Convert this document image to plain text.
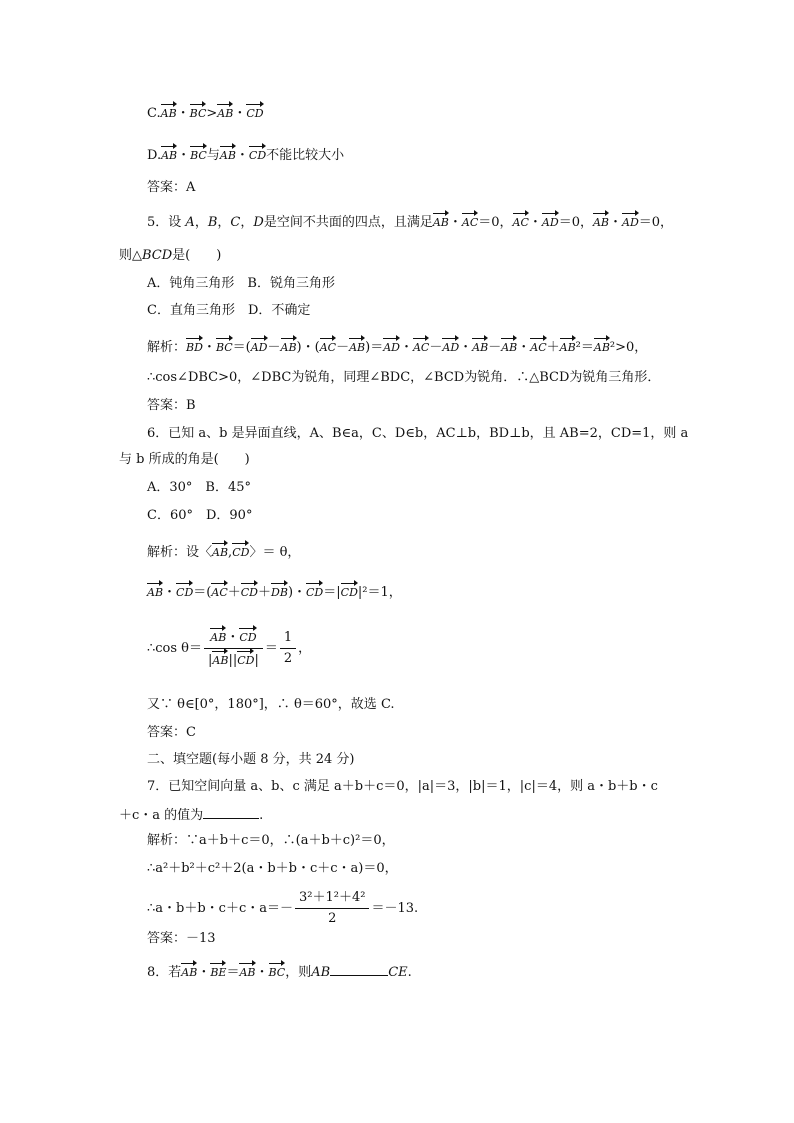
C.AB・BC>AB・CD
D.AB・BC与AB・CD不能比较大小
答案：A
5．设 A，B，C，D是空间不共面的四点，且满足AB・AC＝0，AC・AD＝0，AB・AD＝0，
则△BCD是(　　)
A．钝角三角形　B．锐角三角形
C．直角三角形　D．不确定
解析：BD・BC＝(AD－AB)・(AC－AB)＝AD・AC－AD・AB－AB・AC＋AB²＝AB²>0，
∴cos∠DBC>0，∠DBC为锐角，同理∠BDC，∠BCD为锐角．∴△BCD为锐角三角形．
答案：B
6．已知 a、b 是异面直线，A、B∈a，C、D∈b，AC⊥b，BD⊥b，且 AB=2，CD=1，则 a
与 b 所成的角是(　　)
A．30°　B．45°
C．60°　D．90°
解析：设〈AB,CD〉＝ θ，
AB・CD＝(AC＋CD＋DB)・CD＝|CD|²＝1，
∴cos $\theta= \frac{AB・CD}{|AB||CD|} = \frac{1}{2}$ ，
又∵ θ∈[0°，180°]，∴ θ＝60°，故选 C.
答案：C
二、填空题(每小题 8 分，共 24 分)
7．已知空间向量 a、b、c 满足 a＋b＋c＝0，|a|＝3，|b|＝1，|c|＝4，则 a・b＋b・c
＋c・a 的值为	.
解析：∵a＋b＋c＝0，∴(a＋b＋c)²＝0，
∴a²＋b²＋c²＋2(a・b＋b・c＋c・a)＝0，
∴a・b＋b・c＋c・$a=- \frac{\text{3²＋1²＋4²}}{2} =-13$.
答案：－13
8．若AB・BE＝AB・BC，则AB	CE.
